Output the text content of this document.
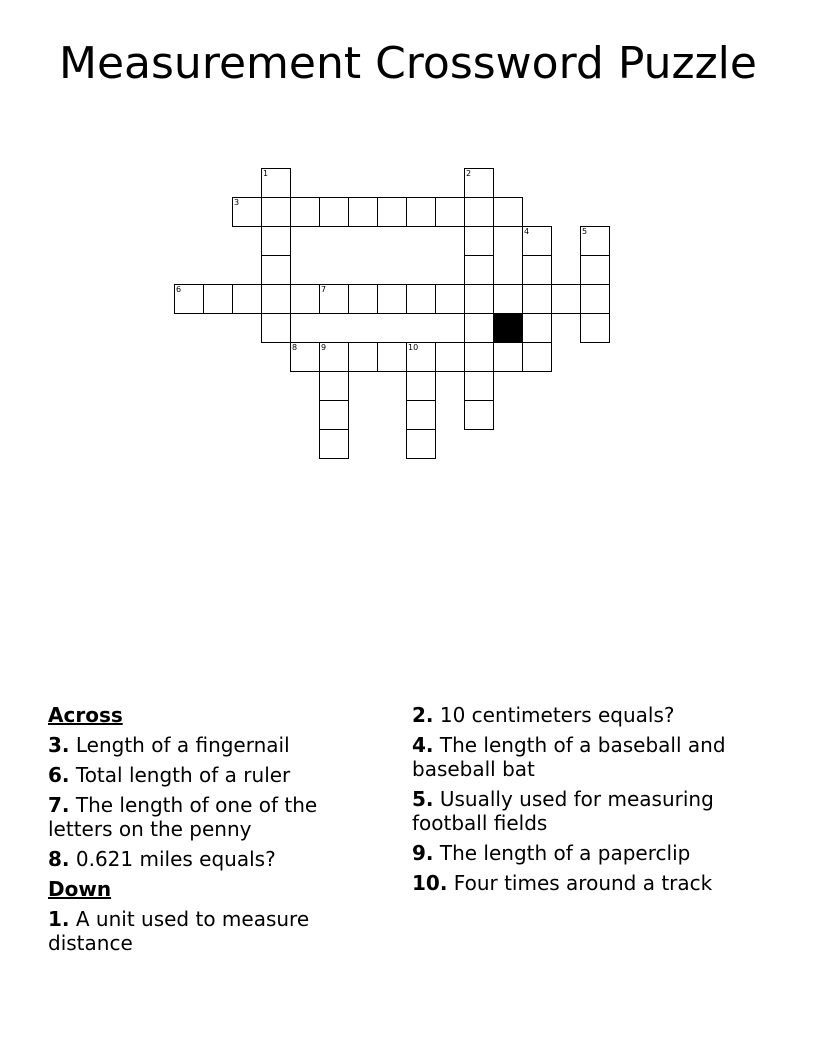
Measurement Crossword Puzzle
1	2
3
4	5
6	7
8	9	10
Across
3. Length of a fingernail
6. Total length of a ruler
7. The length of one of the letters on the penny
8. 0.621 miles equals?
Down
1. A unit used to measure distance
2. 10 centimeters equals?
4. The length of a baseball and baseball bat
5. Usually used for measuring football fields
9. The length of a paperclip
10. Four times around a track
